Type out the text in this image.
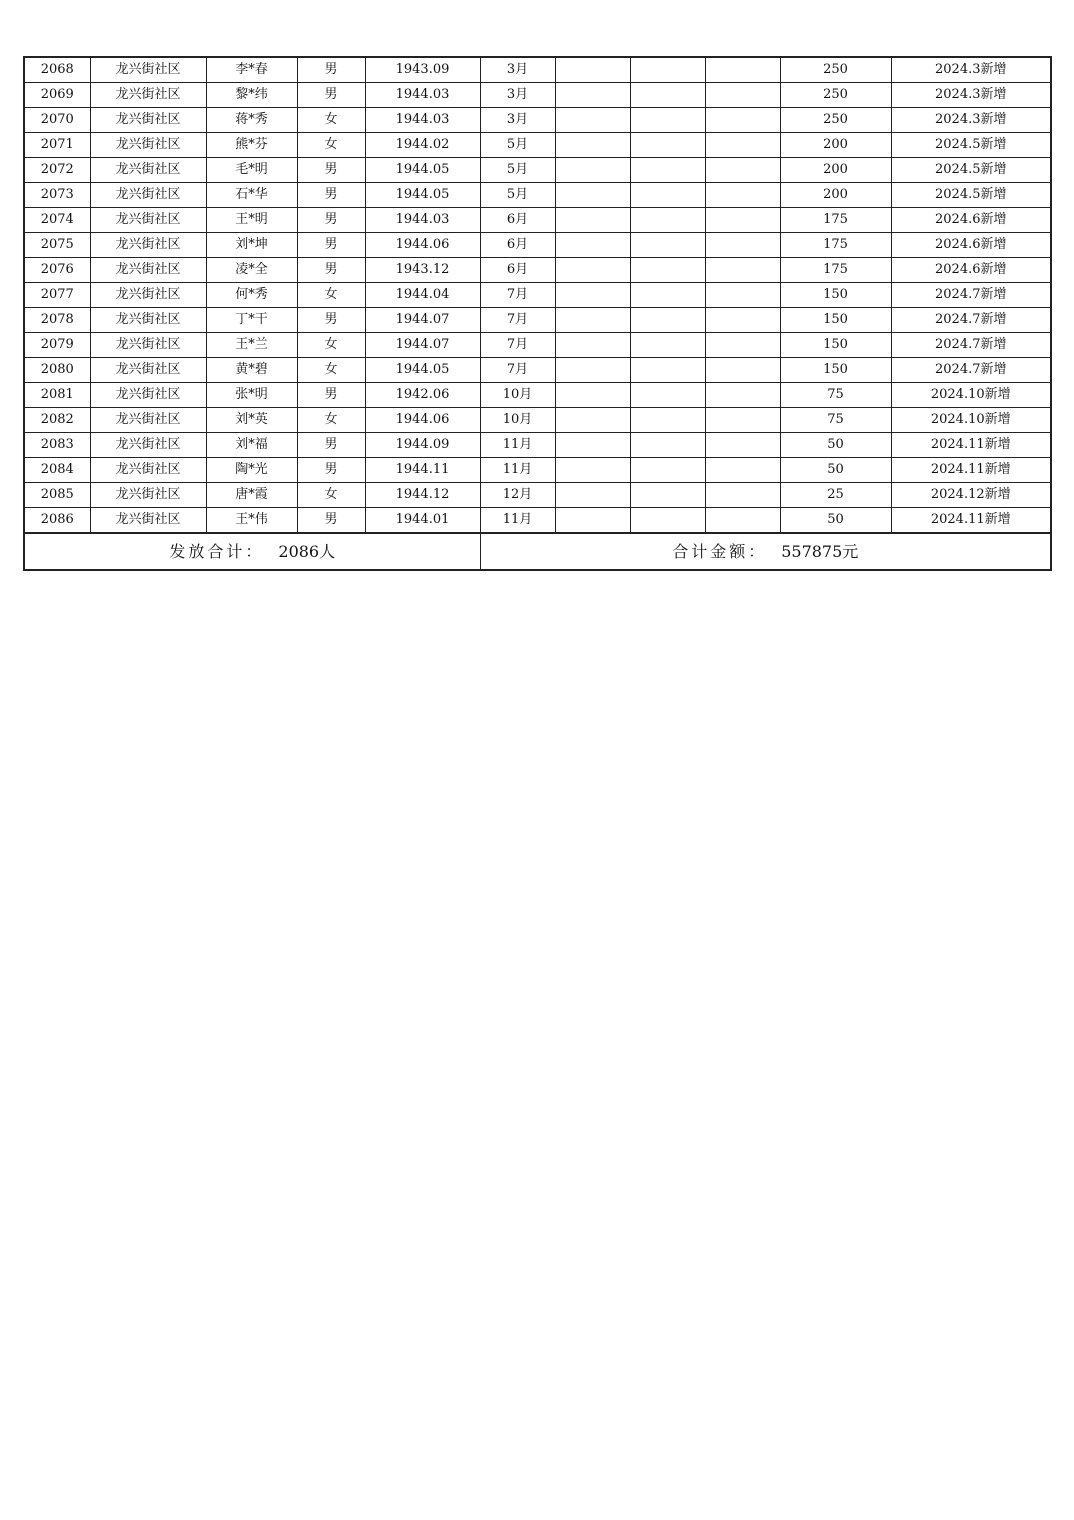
2068	龙兴街社区	李*春	男	1943.09	3月				250	2024.3新增
2069	龙兴街社区	黎*纬	男	1944.03	3月				250	2024.3新增
2070	龙兴街社区	蒋*秀	女	1944.03	3月				250	2024.3新增
2071	龙兴街社区	熊*芬	女	1944.02	5月				200	2024.5新增
2072	龙兴街社区	毛*明	男	1944.05	5月				200	2024.5新增
2073	龙兴街社区	石*华	男	1944.05	5月				200	2024.5新增
2074	龙兴街社区	王*明	男	1944.03	6月				175	2024.6新增
2075	龙兴街社区	刘*坤	男	1944.06	6月				175	2024.6新增
2076	龙兴街社区	凌*全	男	1943.12	6月				175	2024.6新增
2077	龙兴街社区	何*秀	女	1944.04	7月				150	2024.7新增
2078	龙兴街社区	丁*干	男	1944.07	7月				150	2024.7新增
2079	龙兴街社区	王*兰	女	1944.07	7月				150	2024.7新增
2080	龙兴街社区	黄*碧	女	1944.05	7月				150	2024.7新增
2081	龙兴街社区	张*明	男	1942.06	10月				75	2024.10新增
2082	龙兴街社区	刘*英	女	1944.06	10月				75	2024.10新增
2083	龙兴街社区	刘*福	男	1944.09	11月				50	2024.11新增
2084	龙兴街社区	陶*光	男	1944.11	11月				50	2024.11新增
2085	龙兴街社区	唐*霞	女	1944.12	12月				25	2024.12新增
2086	龙兴街社区	王*伟	男	1944.01	11月				50	2024.11新增
发放合计： 2086人					合计金额： 557875元					
